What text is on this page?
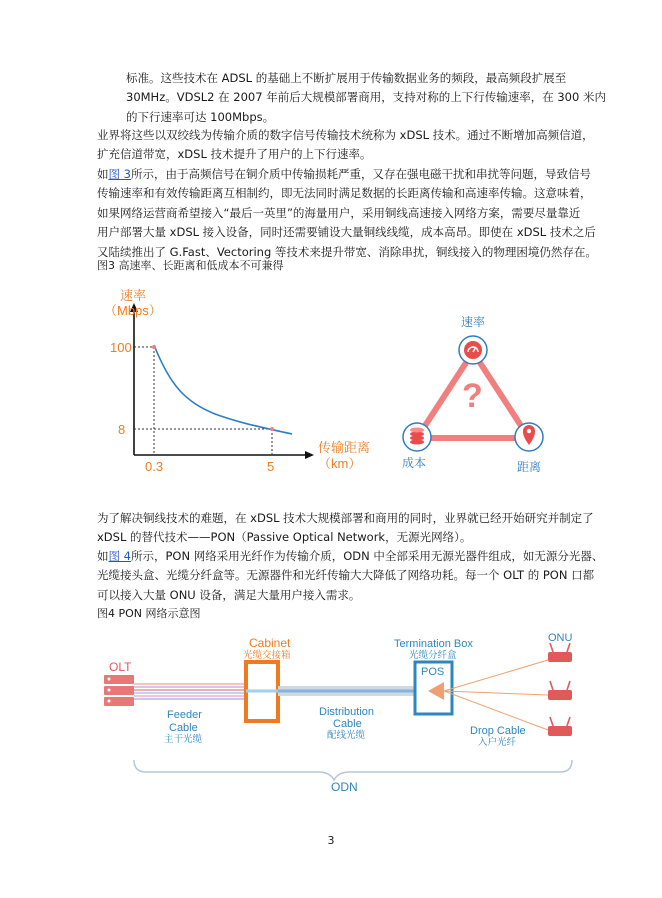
标准。这些技术在 ADSL 的基础上不断扩展用于传输数据业务的频段，最高频段扩展至
30MHz。VDSL2 在 2007 年前后大规模部署商用，支持对称的上下行传输速率，在 300 米内
的下行速率可达 100Mbps。
业界将这些以双绞线为传输介质的数字信号传输技术统称为 xDSL 技术。通过不断增加高频信道，
扩充信道带宽，xDSL 技术提升了用户的上下行速率。
如图 3所示，由于高频信号在铜介质中传输损耗严重，又存在强电磁干扰和串扰等问题，导致信号
传输速率和有效传输距离互相制约，即无法同时满足数据的长距离传输和高速率传输。这意味着，
如果网络运营商希望接入“最后一英里”的海量用户，采用铜线高速接入网络方案，需要尽量靠近
用户部署大量 xDSL 接入设备，同时还需要铺设大量铜线线缆，成本高昂。即使在 xDSL 技术之后
又陆续推出了 G.Fast、Vectoring 等技术来提升带宽、消除串扰，铜线接入的物理困境仍然存在。
图3 高速率、长距离和低成本不可兼得
速率
（Mbps）
100
8
0.3	5
传输距离
（km）
?
速率
成本	距离
为了解决铜线技术的难题，在 xDSL 技术大规模部署和商用的同时，业界就已经开始研究并制定了
xDSL 的替代技术——PON（Passive Optical Network，无源光网络）。
如图 4所示，PON 网络采用光纤作为传输介质，ODN 中全部采用无源光器件组成，如无源分光器、
光缆接头盒、光缆分纤盒等。无源器件和光纤传输大大降低了网络功耗。每一个 OLT 的 PON 口都
可以接入大量 ONU 设备，满足大量用户接入需求。
图4 PON 网络示意图
OLT
Cabinet
光缆交接箱
Termination Box
光缆分纤盒
POS
ONU
Feeder
Cable
主干光缆
Distribution
Cable
配线光缆	Drop Cable
入户光纤
ODN
3
